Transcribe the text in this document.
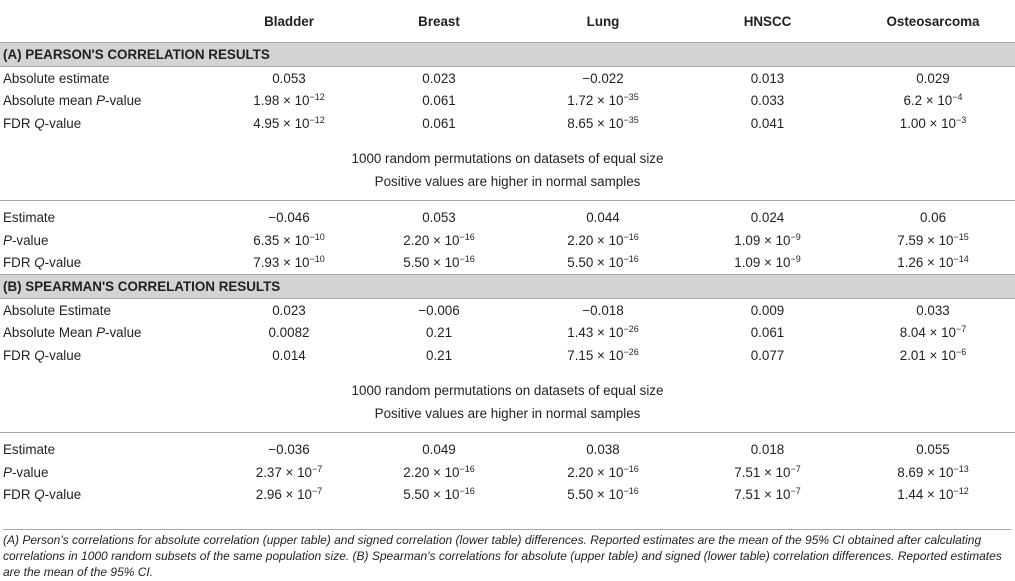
	Bladder	Breast	Lung	HNSCC	Osteosarcoma
(A) PEARSON'S CORRELATION RESULTS					
Absolute estimate	0.053	0.023	−0.022	0.013	0.029
Absolute mean P-value	$1.98 \times 10^{-12}$	0.061	$1.72 \times 10^{-35}$	0.033	$6.2 \times 10^{-4}$
FDR Q-value	$4.95 \times 10^{-12}$	0.061	$8.65 \times 10^{-35}$	0.041	$1.00 \times 10^{-3}$

1000 random permutations on datasets of equal size					
Positive values are higher in normal samples					

Estimate	−0.046	0.053	0.044	0.024	0.06
P-value	$6.35 \times 10^{-10}$	$2.20 \times 10^{-16}$	$2.20 \times 10^{-16}$	$1.09 \times 10^{-9}$	$7.59 \times 10^{-15}$
FDR Q-value	$7.93 \times 10^{-10}$	$5.50 \times 10^{-16}$	$5.50 \times 10^{-16}$	$1.09 \times 10^{-9}$	$1.26 \times 10^{-14}$
(B) SPEARMAN'S CORRELATION RESULTS					
Absolute Estimate	0.023	−0.006	−0.018	0.009	0.033
Absolute Mean P-value	0.0082	0.21	$1.43 \times 10^{-26}$	0.061	$8.04 \times 10^{-7}$
FDR Q-value	0.014	0.21	$7.15 \times 10^{-26}$	0.077	$2.01 \times 10^{-6}$

1000 random permutations on datasets of equal size					
Positive values are higher in normal samples					

Estimate	−0.036	0.049	0.038	0.018	0.055
P-value	$2.37 \times 10^{-7}$	$2.20 \times 10^{-16}$	$2.20 \times 10^{-16}$	$7.51 \times 10^{-7}$	$8.69 \times 10^{-13}$
FDR Q-value	$2.96 \times 10^{-7}$	$5.50 \times 10^{-16}$	$5.50 \times 10^{-16}$	$7.51 \times 10^{-7}$	$1.44 \times 10^{-12}$
(A) Person's correlations for absolute correlation (upper table) and signed correlation (lower table) differences. Reported estimates are the mean of the 95% CI obtained after calculating correlations in 1000 random subsets of the same population size. (B) Spearman's correlations for absolute (upper table) and signed (lower table) correlation differences. Reported estimates are the mean of the 95% CI.
